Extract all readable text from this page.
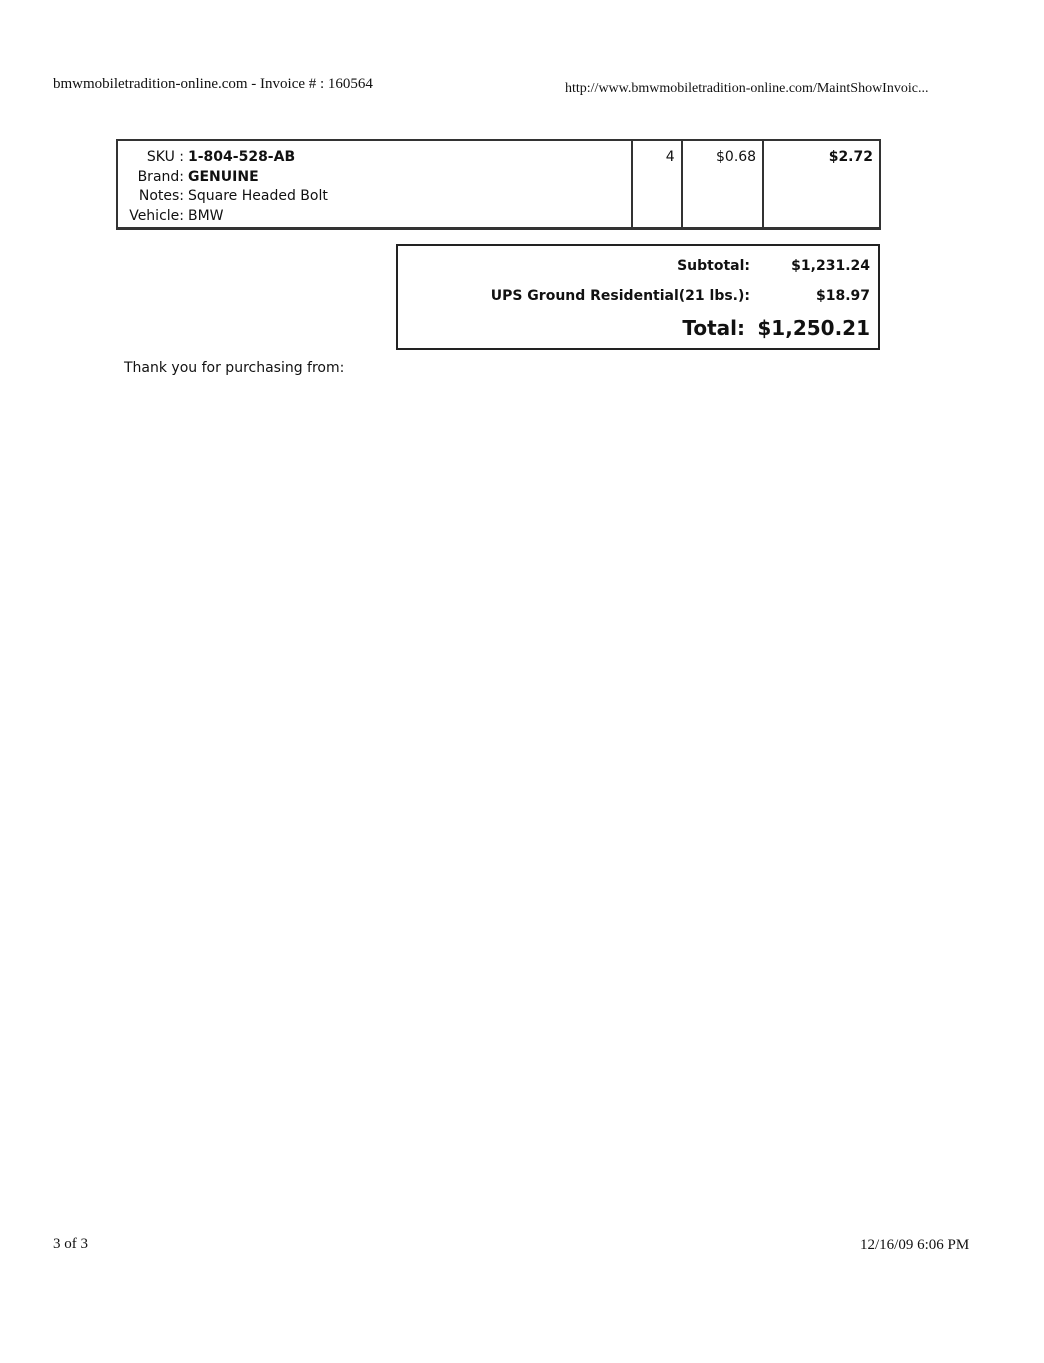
bmwmobiletradition-online.com - Invoice # : 160564	http://www.bmwmobiletradition-online.com/MaintShowInvoic...
SKU : 1-804-528-AB
Brand: GENUINE
Notes: Square Headed Bolt
Vehicle: BMW
	4	$0.68	$2.72
Subtotal:	$1,231.24
UPS Ground Residential(21 lbs.):	$18.97
Total: $1,250.21
Thank you for purchasing from:
3 of 3	12/16/09 6:06 PM
